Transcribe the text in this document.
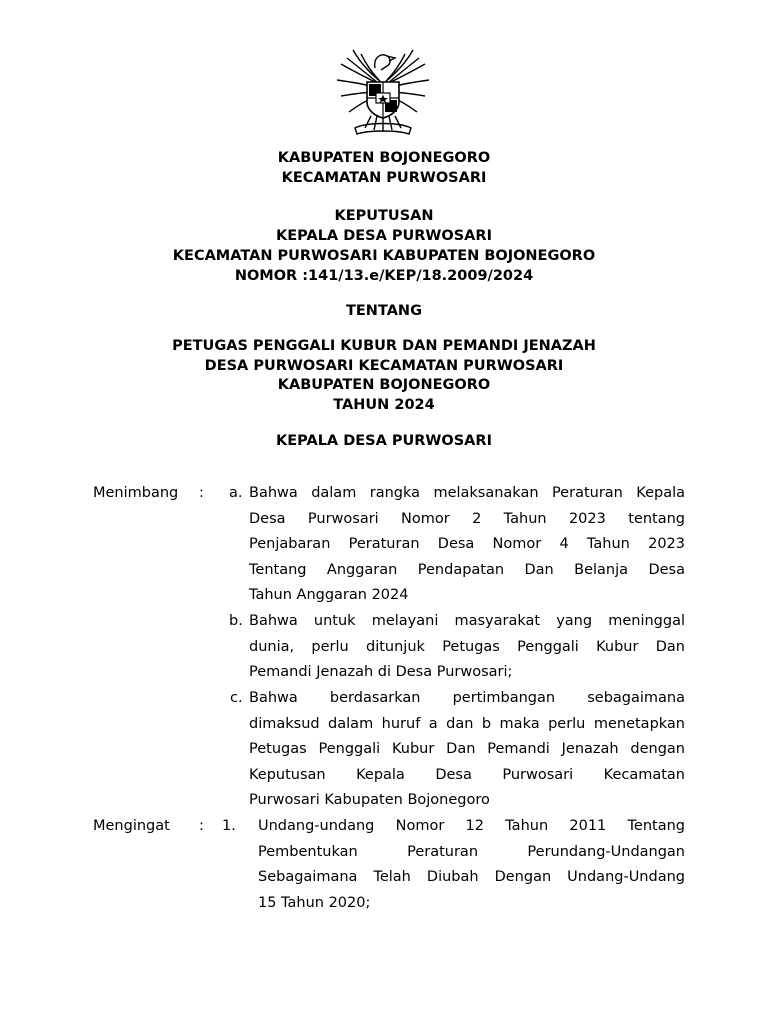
KABUPATEN BOJONEGORO
KECAMATAN PURWOSARI
KEPUTUSAN
KEPALA DESA PURWOSARI
KECAMATAN PURWOSARI KABUPATEN BOJONEGORO
NOMOR :141/13.e/KEP/18.2009/2024
TENTANG
PETUGAS PENGGALI KUBUR DAN PEMANDI JENAZAH
DESA PURWOSARI KECAMATAN PURWOSARI
KABUPATEN BOJONEGORO
TAHUN 2024
KEPALA DESA PURWOSARI
Menimbang : a. Bahwa dalam rangka melaksanakan Peraturan Kepala
Desa Purwosari Nomor 2 Tahun 2023 tentang
Penjabaran Peraturan Desa Nomor 4 Tahun 2023
Tentang Anggaran Pendapatan Dan Belanja Desa
Tahun Anggaran 2024
b. Bahwa untuk melayani masyarakat yang meninggal
dunia, perlu ditunjuk Petugas Penggali Kubur Dan
Pemandi Jenazah di Desa Purwosari;
c. Bahwa berdasarkan pertimbangan sebagaimana
dimaksud dalam huruf a dan b maka perlu menetapkan
Petugas Penggali Kubur Dan Pemandi Jenazah dengan
Keputusan Kepala Desa Purwosari Kecamatan
Purwosari Kabupaten Bojonegoro
Mengingat : 1. Undang-undang Nomor 12 Tahun 2011 Tentang
Pembentukan Peraturan Perundang-Undangan
Sebagaimana Telah Diubah Dengan Undang-Undang
15 Tahun 2020;
